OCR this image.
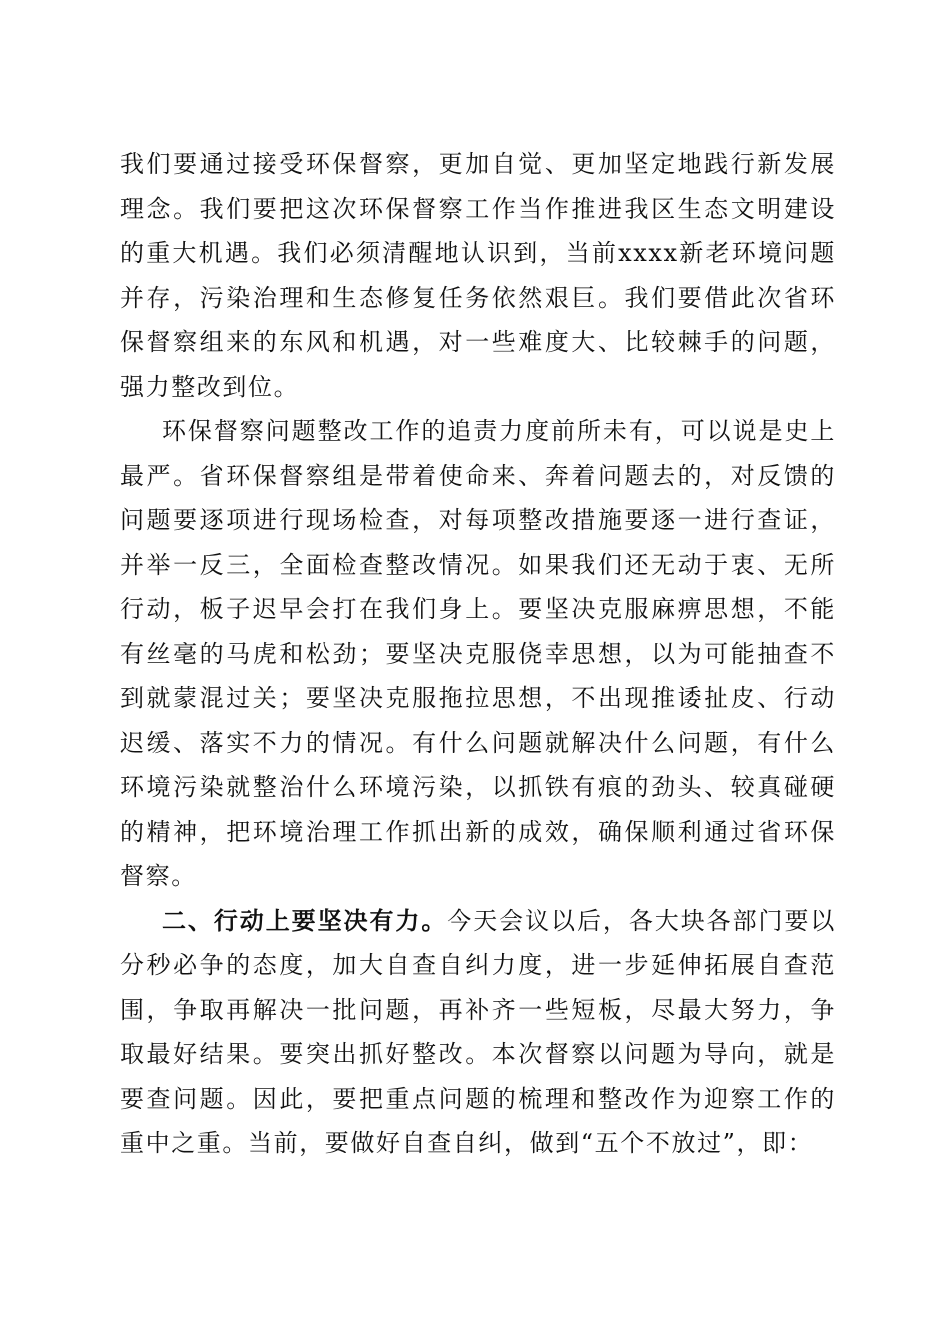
我们要通过接受环保督察，更加自觉、更加坚定地践行新发展理念。我们要把这次环保督察工作当作推进我区生态文明建设的重大机遇。我们必须清醒地认识到，当前xxxx新老环境问题并存，污染治理和生态修复任务依然艰巨。我们要借此次省环保督察组来的东风和机遇，对一些难度大、比较棘手的问题，强力整改到位。

环保督察问题整改工作的追责力度前所未有，可以说是史上最严。省环保督察组是带着使命来、奔着问题去的，对反馈的问题要逐项进行现场检查，对每项整改措施要逐一进行查证，并举一反三，全面检查整改情况。如果我们还无动于衷、无所行动，板子迟早会打在我们身上。要坚决克服麻痹思想，不能有丝毫的马虎和松劲；要坚决克服侥幸思想，以为可能抽查不到就蒙混过关；要坚决克服拖拉思想，不出现推诿扯皮、行动迟缓、落实不力的情况。有什么问题就解决什么问题，有什么环境污染就整治什么环境污染，以抓铁有痕的劲头、较真碰硬的精神，把环境治理工作抓出新的成效，确保顺利通过省环保督察。

二、行动上要坚决有力。今天会议以后，各大块各部门要以分秒必争的态度，加大自查自纠力度，进一步延伸拓展自查范围，争取再解决一批问题，再补齐一些短板，尽最大努力，争取最好结果。要突出抓好整改。本次督察以问题为导向，就是要查问题。因此，要把重点问题的梳理和整改作为迎察工作的重中之重。当前，要做好自查自纠，做到“五个不放过”，即：
